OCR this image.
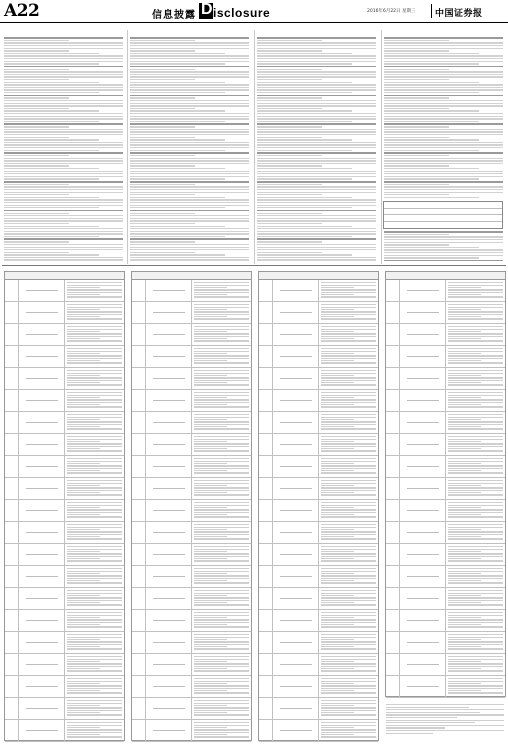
A22	信息披露 D isclosure	2016年6月22日 星期三 中国证券报
